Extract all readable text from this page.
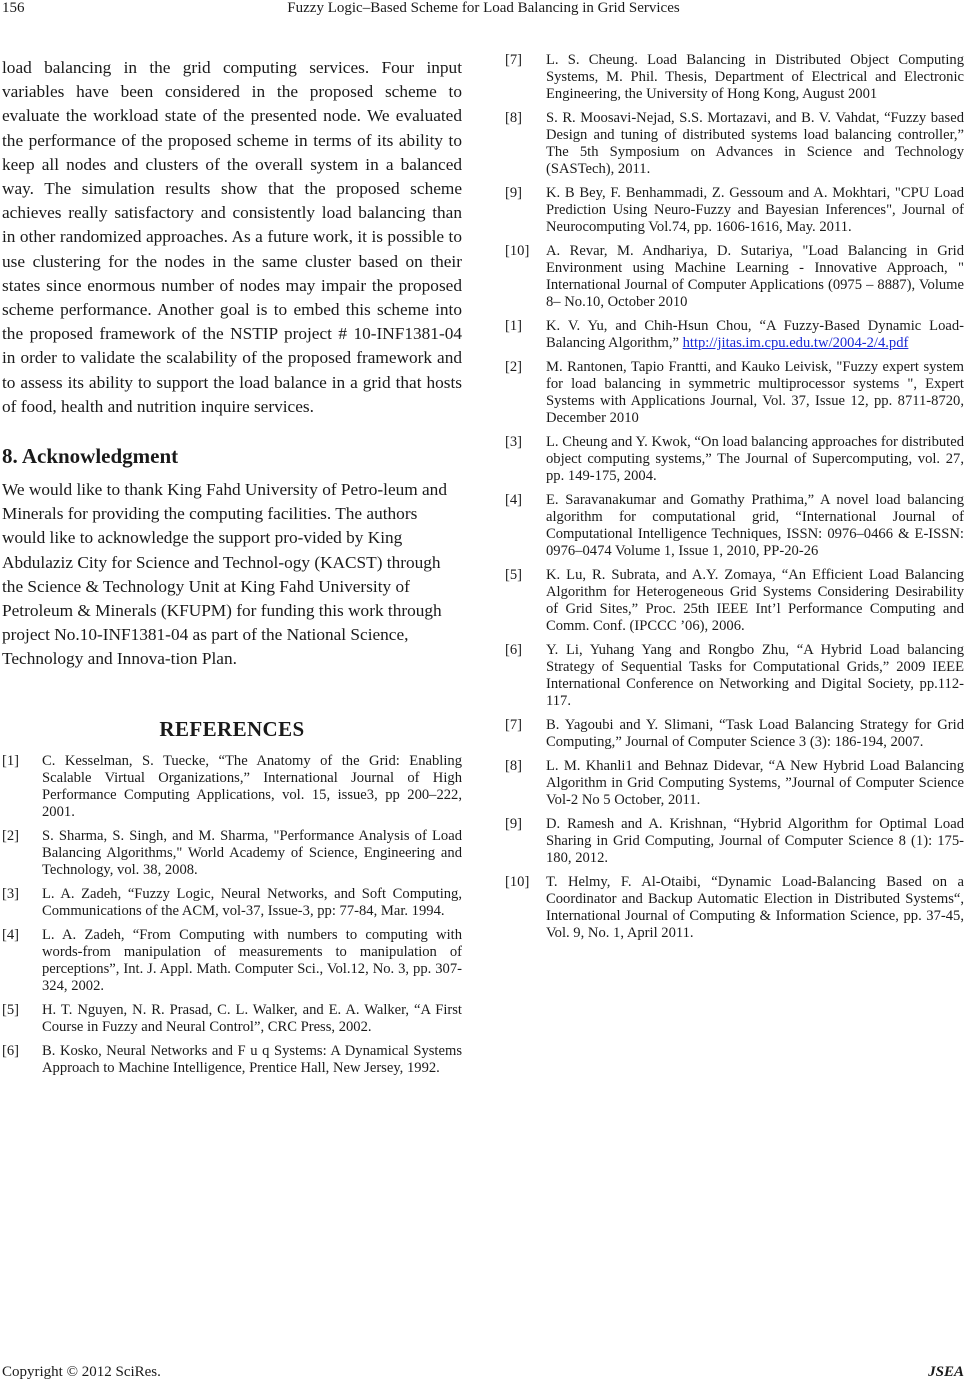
156	Fuzzy Logic–Based Scheme for Load Balancing in Grid Services

load balancing in the grid computing services. Four input variables have been considered in the proposed scheme to evaluate the workload state of the presented node. We evaluated the performance of the proposed scheme in terms of its ability to keep all nodes and clusters of the overall system in a balanced way. The simulation results show that the proposed scheme achieves really satisfactory and consistently load balancing than in other randomized approaches. As a future work, it is possible to use clustering for the nodes in the same cluster based on their states since enormous number of nodes may impair the proposed scheme performance. Another goal is to embed this scheme into the proposed framework of the NSTIP project # 10-INF1381-04 in order to validate the scalability of the proposed framework and to assess its ability to support the load balance in a grid that hosts of food, health and nutrition inquire services.

8. Acknowledgment

We would like to thank King Fahd University of Petro-leum and Minerals for providing the computing facilities. The authors would like to acknowledge the support pro-vided by King Abdulaziz City for Science and Technol-ogy (KACST) through the Science & Technology Unit at King Fahd University of Petroleum & Minerals (KFUPM) for funding this work through project No.10-INF1381-04 as part of the National Science, Technology and Innova-tion Plan.

REFERENCES
[1]	C. Kesselman, S. Tuecke, “The Anatomy of the Grid: Enabling Scalable Virtual Organizations,” International Journal of High Performance Computing Applications, vol. 15, issue3, pp 200–222, 2001.
[2]	S. Sharma, S. Singh, and M. Sharma, "Performance Analysis of Load Balancing Algorithms," World Academy of Science, Engineering and Technology, vol. 38, 2008.
[3]	L. A. Zadeh, “Fuzzy Logic, Neural Networks, and Soft Computing, Communications of the ACM, vol-37, Issue-3, pp: 77-84, Mar. 1994.
[4]	L. A. Zadeh, “From Computing with numbers to computing with words-from manipulation of measurements to manipulation of perceptions”, Int. J. Appl. Math. Computer Sci., Vol.12, No. 3, pp. 307-324, 2002.
[5]	H. T. Nguyen, N. R. Prasad, C. L. Walker, and E. A. Walker, “A First Course in Fuzzy and Neural Control”, CRC Press, 2002.
[6]	B. Kosko, Neural Networks and F u q Systems: A Dynamical Systems Approach to Machine Intelligence, Prentice Hall, New Jersey, 1992.
[7]	L. S. Cheung. Load Balancing in Distributed Object Computing Systems, M. Phil. Thesis, Department of Electrical and Electronic Engineering, the University of Hong Kong, August 2001
[8]	S. R. Moosavi-Nejad, S.S. Mortazavi, and B. V. Vahdat, “Fuzzy based Design and tuning of distributed systems load balancing controller,” The 5th Symposium on Advances in Science and Technology (SASTech), 2011.
[9]	K. B Bey, F. Benhammadi, Z. Gessoum and A. Mokhtari, "CPU Load Prediction Using Neuro-Fuzzy and Bayesian Inferences", Journal of Neurocomputing Vol.74, pp. 1606-1616, May. 2011.
[10]	A. Revar, M. Andhariya, D. Sutariya, "Load Balancing in Grid Environment using Machine Learning - Innovative Approach, " International Journal of Computer Applications (0975 – 8887), Volume 8– No.10, October 2010
[1]	K. V. Yu, and Chih-Hsun Chou, “A Fuzzy-Based Dynamic Load-Balancing Algorithm,” http://jitas.im.cpu.edu.tw/2004-2/4.pdf
[2]	M. Rantonen, Tapio Frantti, and Kauko Leivisk, "Fuzzy expert system for load balancing in symmetric multiprocessor systems ", Expert Systems with Applications Journal, Vol. 37, Issue 12, pp. 8711-8720, December 2010
[3]	L. Cheung and Y. Kwok, “On load balancing approaches for distributed object computing systems,” The Journal of Supercomputing, vol. 27, pp. 149-175, 2004.
[4]	E. Saravanakumar and Gomathy Prathima,” A novel load balancing algorithm for computational grid, “International Journal of Computational Intelligence Techniques, ISSN: 0976–0466 & E-ISSN: 0976–0474 Volume 1, Issue 1, 2010, PP-20-26
[5]	K. Lu, R. Subrata, and A.Y. Zomaya, “An Efficient Load Balancing Algorithm for Heterogeneous Grid Systems Considering Desirability of Grid Sites,” Proc. 25th IEEE Int’l Performance Computing and Comm. Conf. (IPCCC ’06), 2006.
[6]	Y. Li, Yuhang Yang and Rongbo Zhu, “A Hybrid Load balancing Strategy of Sequential Tasks for Computational Grids,” 2009 IEEE International Conference on Networking and Digital Society, pp.112-117.
[7]	B. Yagoubi and Y. Slimani, “Task Load Balancing Strategy for Grid Computing,” Journal of Computer Science 3 (3): 186-194, 2007.
[8]	L. M. Khanli1 and Behnaz Didevar, “A New Hybrid Load Balancing Algorithm in Grid Computing Systems, ”Journal of Computer Science Vol-2 No 5 October, 2011.
[9]	D. Ramesh and A. Krishnan, “Hybrid Algorithm for Optimal Load Sharing in Grid Computing, Journal of Computer Science 8 (1): 175-180, 2012.
[10]	T. Helmy, F. Al-Otaibi, “Dynamic Load-Balancing Based on a Coordinator and Backup Automatic Election in Distributed Systems“, International Journal of Computing & Information Science, pp. 37-45, Vol. 9, No. 1, April 2011.
Copyright © 2012 SciRes.	JSEA
